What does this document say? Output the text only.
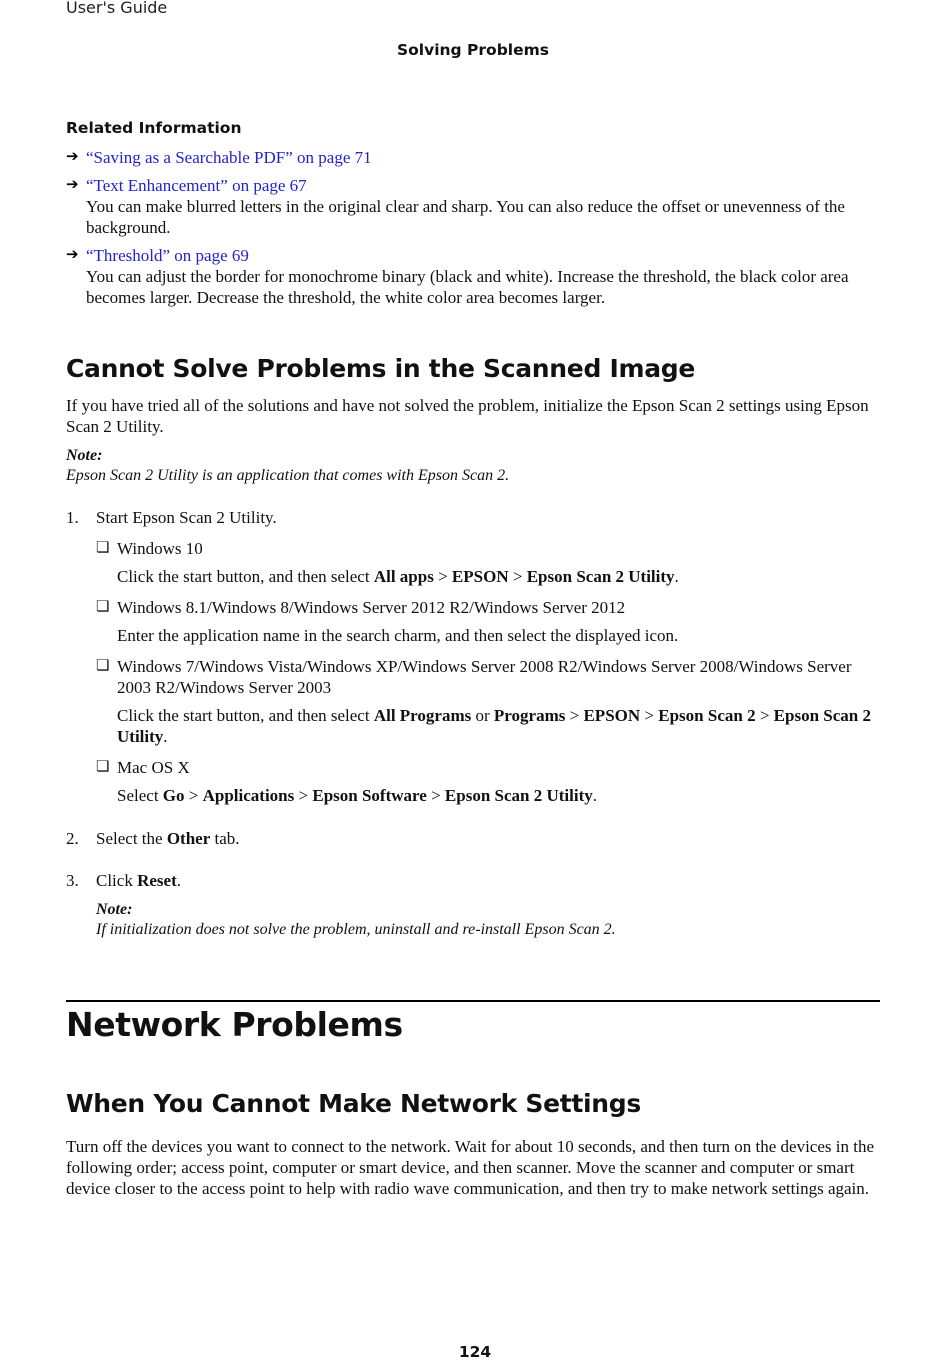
User's Guide
Solving Problems
Related Information
➔ “Saving as a Searchable PDF” on page 71
➔ “Text Enhancement” on page 67
You can make blurred letters in the original clear and sharp. You can also reduce the offset or unevenness of the background.
➔ “Threshold” on page 69
You can adjust the border for monochrome binary (black and white). Increase the threshold, the black color area becomes larger. Decrease the threshold, the white color area becomes larger.
Cannot Solve Problems in the Scanned Image

If you have tried all of the solutions and have not solved the problem, initialize the Epson Scan 2 settings using Epson Scan 2 Utility.

Note:
Epson Scan 2 Utility is an application that comes with Epson Scan 2.
1.	Start Epson Scan 2 Utility.
❏ Windows 10
Click the start button, and then select All apps > EPSON > Epson Scan 2 Utility.
❏ Windows 8.1/Windows 8/Windows Server 2012 R2/Windows Server 2012
Enter the application name in the search charm, and then select the displayed icon.
❏ Windows 7/Windows Vista/Windows XP/Windows Server 2008 R2/Windows Server 2008/Windows Server 2003 R2/Windows Server 2003
Click the start button, and then select All Programs or Programs > EPSON > Epson Scan 2 > Epson Scan 2 Utility.
❏ Mac OS X
Select Go > Applications > Epson Software > Epson Scan 2 Utility.
2.	Select the Other tab.
3.	Click Reset.
Note:
If initialization does not solve the problem, uninstall and re-install Epson Scan 2.
Network Problems
When You Cannot Make Network Settings

Turn off the devices you want to connect to the network. Wait for about 10 seconds, and then turn on the devices in the following order; access point, computer or smart device, and then scanner. Move the scanner and computer or smart device closer to the access point to help with radio wave communication, and then try to make network settings again.

124
